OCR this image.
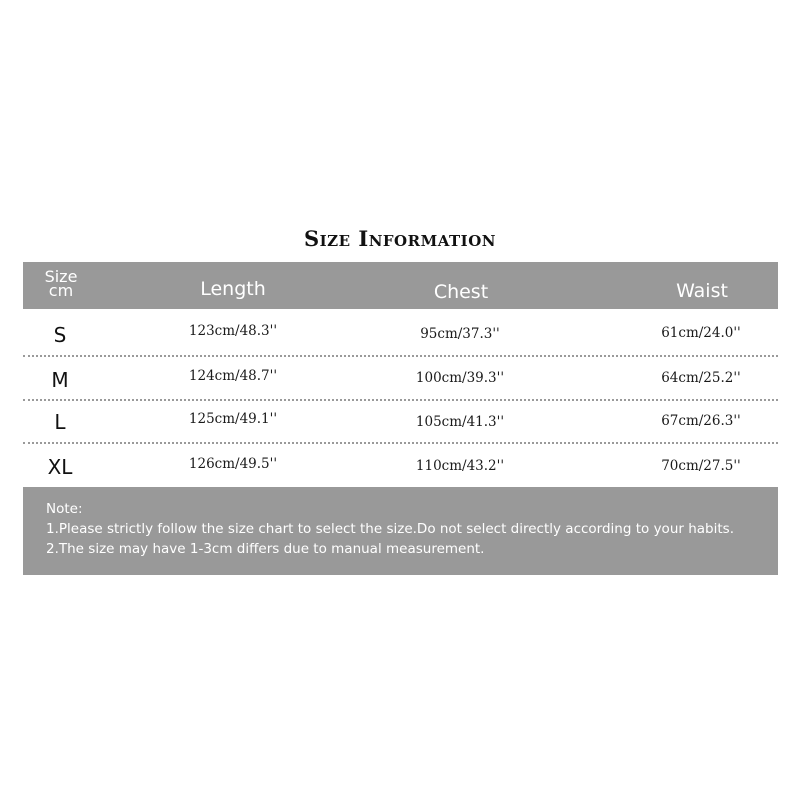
Size Information
Size
cm	Length	Chest	Waist
S	123cm/48.3''	95cm/37.3''	61cm/24.0''
M	124cm/48.7''	100cm/39.3''	64cm/25.2''
L	125cm/49.1''	105cm/41.3''	67cm/26.3''
XL	126cm/49.5''	110cm/43.2''	70cm/27.5''
Note:
1.Please strictly follow the size chart to select the size.Do not select directly according to your habits.
2.The size may have 1-3cm differs due to manual measurement.
